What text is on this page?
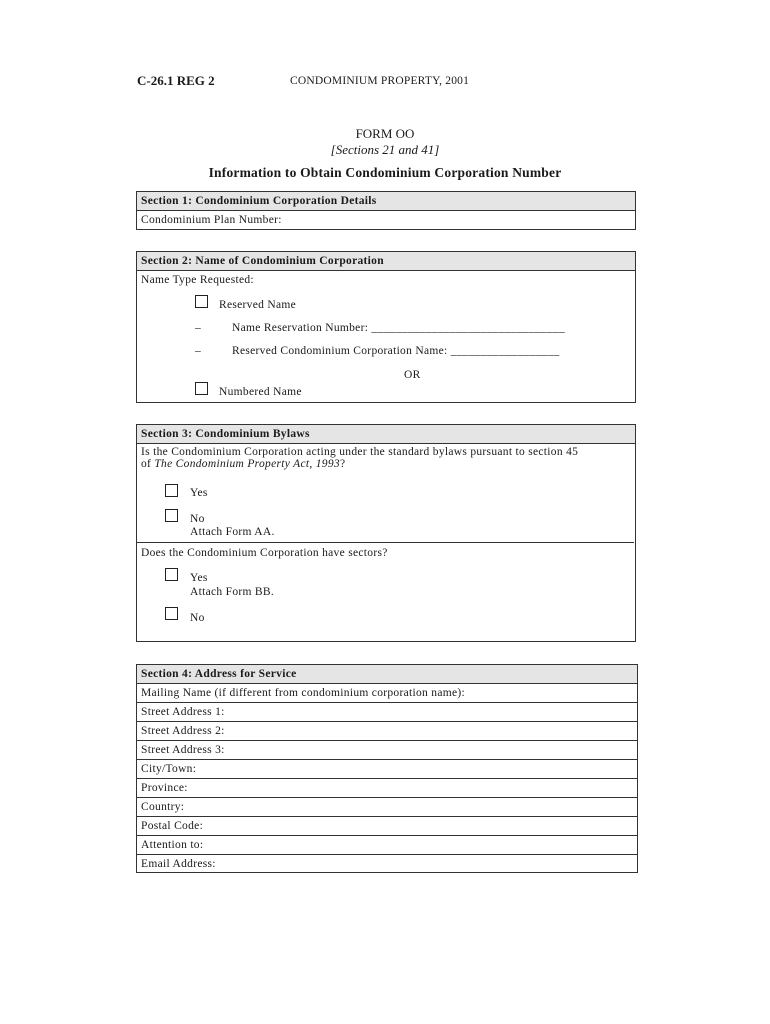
C-26.1 REG 2	CONDOMINIUM PROPERTY, 2001
FORM OO
[Sections 21 and 41]
Information to Obtain Condominium Corporation Number
Section 1: Condominium Corporation Details
Condominium Plan Number:
Section 2: Name of Condominium Corporation
Name Type Requested:
Reserved Name
–	Name Reservation Number: ________________________________
–	Reserved Condominium Corporation Name: __________________
OR
Numbered Name
Section 3: Condominium Bylaws
Is the Condominium Corporation acting under the standard bylaws pursuant to section 45
of The Condominium Property Act, 1993?
Yes
No
Attach Form AA.
Does the Condominium Corporation have sectors?
Yes
Attach Form BB.
No
Section 4: Address for Service
Mailing Name (if different from condominium corporation name):
Street Address 1:
Street Address 2:
Street Address 3:
City/Town:
Province:
Country:
Postal Code:
Attention to:
Email Address:
